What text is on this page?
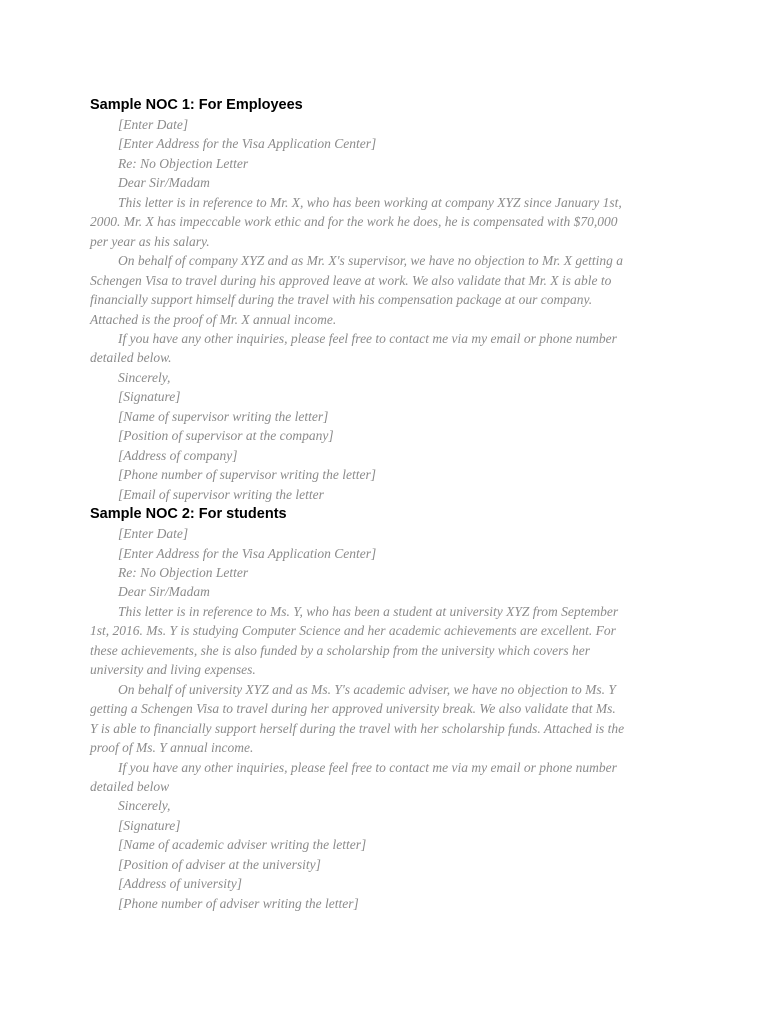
Sample NOC 1: For Employees

[Enter Date]

[Enter Address for the Visa Application Center]

Re: No Objection Letter

Dear Sir/Madam

This letter is in reference to Mr. X, who has been working at company XYZ since January 1st,
2000. Mr. X has impeccable work ethic and for the work he does, he is compensated with $70,000
per year as his salary.

On behalf of company XYZ and as Mr. X's supervisor, we have no objection to Mr. X getting a
Schengen Visa to travel during his approved leave at work. We also validate that Mr. X is able to
financially support himself during the travel with his compensation package at our company.
Attached is the proof of Mr. X annual income.

If you have any other inquiries, please feel free to contact me via my email or phone number
detailed below.

Sincerely,

[Signature]

[Name of supervisor writing the letter]

[Position of supervisor at the company]

[Address of company]

[Phone number of supervisor writing the letter]

[Email of supervisor writing the letter

Sample NOC 2: For students

[Enter Date]

[Enter Address for the Visa Application Center]

Re: No Objection Letter

Dear Sir/Madam

This letter is in reference to Ms. Y, who has been a student at university XYZ from September
1st, 2016. Ms. Y is studying Computer Science and her academic achievements are excellent. For
these achievements, she is also funded by a scholarship from the university which covers her
university and living expenses.

On behalf of university XYZ and as Ms. Y's academic adviser, we have no objection to Ms. Y
getting a Schengen Visa to travel during her approved university break. We also validate that Ms.
Y is able to financially support herself during the travel with her scholarship funds. Attached is the
proof of Ms. Y annual income.

If you have any other inquiries, please feel free to contact me via my email or phone number
detailed below

Sincerely,

[Signature]

[Name of academic adviser writing the letter]

[Position of adviser at the university]

[Address of university]

[Phone number of adviser writing the letter]
